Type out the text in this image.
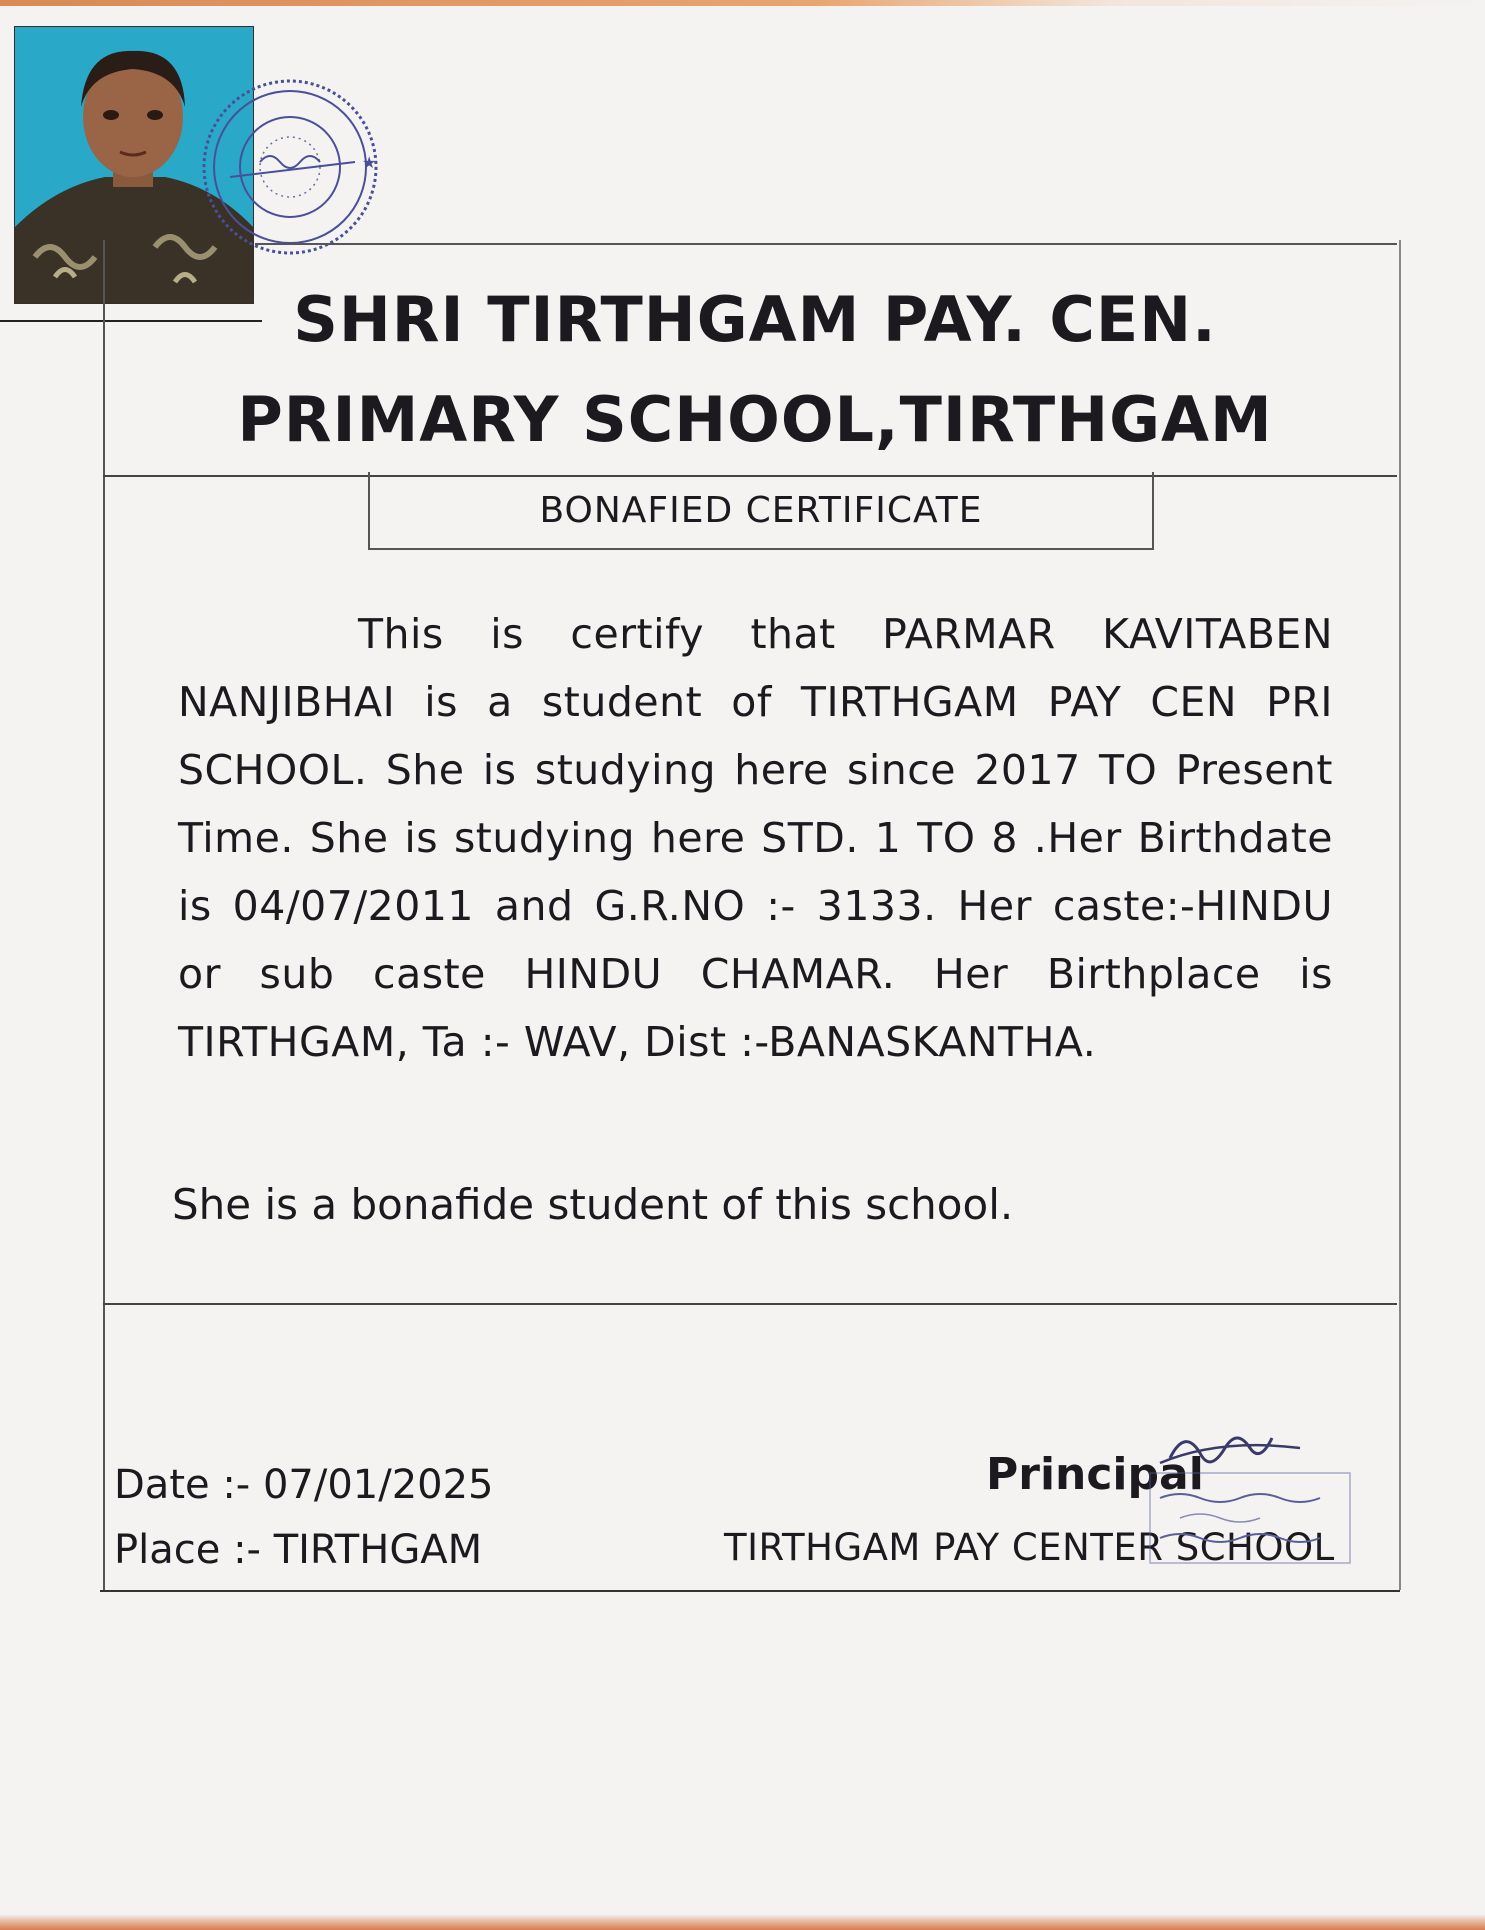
★
SHRI TIRTHGAM PAY. CEN.
PRIMARY SCHOOL,TIRTHGAM
BONAFIED CERTIFICATE
This is certify that PARMAR KAVITABEN NANJIBHAI is a student of TIRTHGAM PAY CEN PRI SCHOOL. She is studying here since 2017 TO Present Time. She is studying here STD. 1 TO 8 .Her Birthdate is 04/07/2011 and G.R.NO :- 3133. Her caste:-HINDU or sub caste HINDU CHAMAR. Her Birthplace is TIRTHGAM, Ta :- WAV, Dist :-BANASKANTHA.
She is a bonafide student of this school.
Date :- 07/01/2025
Place :- TIRTHGAM
Principal
TIRTHGAM PAY CENTER SCHOOL
